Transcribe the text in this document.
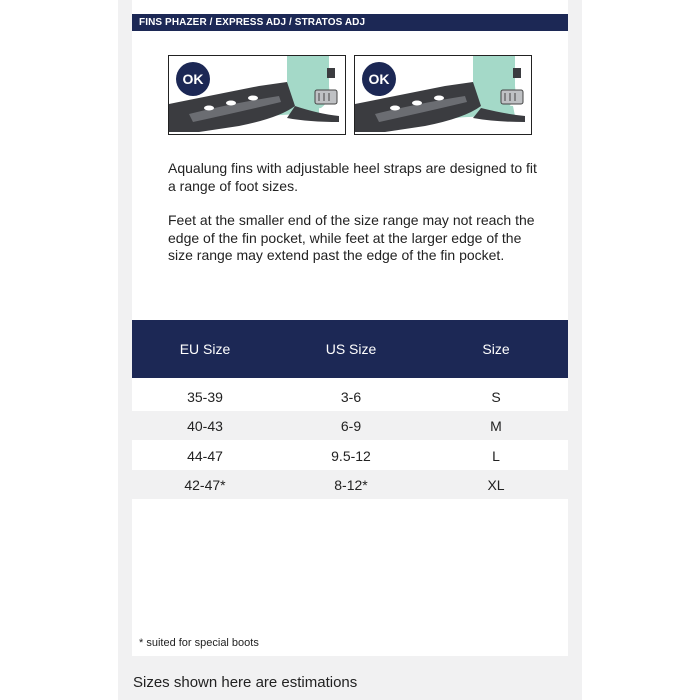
FINS PHAZER / EXPRESS ADJ / STRATOS ADJ
OK	OK
Aqualung fins with adjustable heel straps are designed to fit a range of foot sizes.
Feet at the smaller end of the size range may not reach the edge of the fin pocket, while feet at the larger edge of the size range may extend past the edge of the fin pocket.
EU Size	US Size	Size
35-39	3-6	S
40-43	6-9	M
44-47	9.5-12	L
42-47*	8-12*	XL
* suited for special boots
Sizes shown here are estimations
